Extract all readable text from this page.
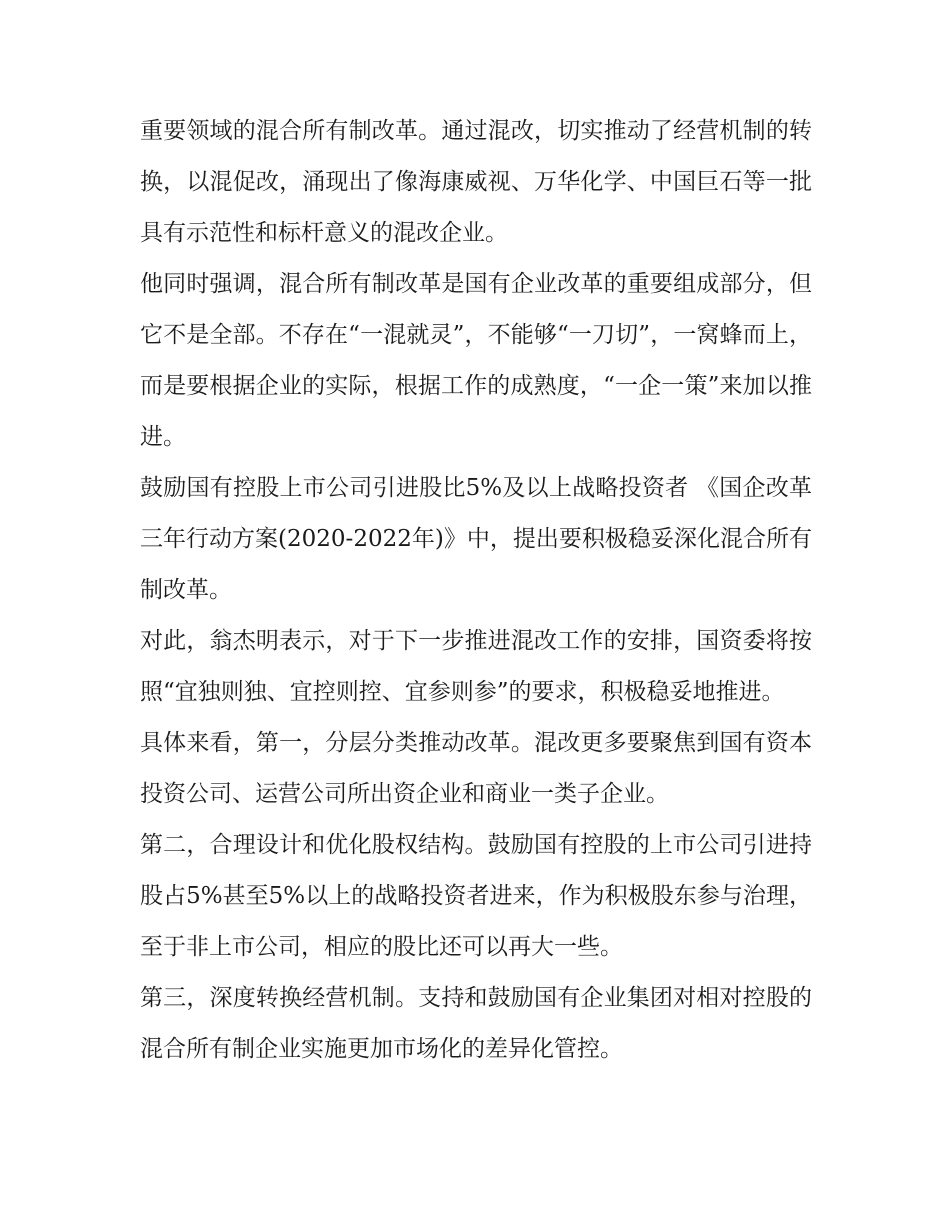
重要领域的混合所有制改革。通过混改，切实推动了经营机制的转换，以混促改，涌现出了像海康威视、万华化学、中国巨石等一批具有示范性和标杆意义的混改企业。

他同时强调，混合所有制改革是国有企业改革的重要组成部分，但它不是全部。不存在“一混就灵”，不能够“一刀切”，一窝蜂而上，而是要根据企业的实际，根据工作的成熟度，“一企一策”来加以推进。

鼓励国有控股上市公司引进股比5%及以上战略投资者 《国企改革三年行动方案(2020-2022年)》中，提出要积极稳妥深化混合所有制改革。

对此，翁杰明表示，对于下一步推进混改工作的安排，国资委将按照“宜独则独、宜控则控、宜参则参”的要求，积极稳妥地推进。

具体来看，第一，分层分类推动改革。混改更多要聚焦到国有资本投资公司、运营公司所出资企业和商业一类子企业。

第二，合理设计和优化股权结构。鼓励国有控股的上市公司引进持股占5%甚至5%以上的战略投资者进来，作为积极股东参与治理，至于非上市公司，相应的股比还可以再大一些。

第三，深度转换经营机制。支持和鼓励国有企业集团对相对控股的混合所有制企业实施更加市场化的差异化管控。
